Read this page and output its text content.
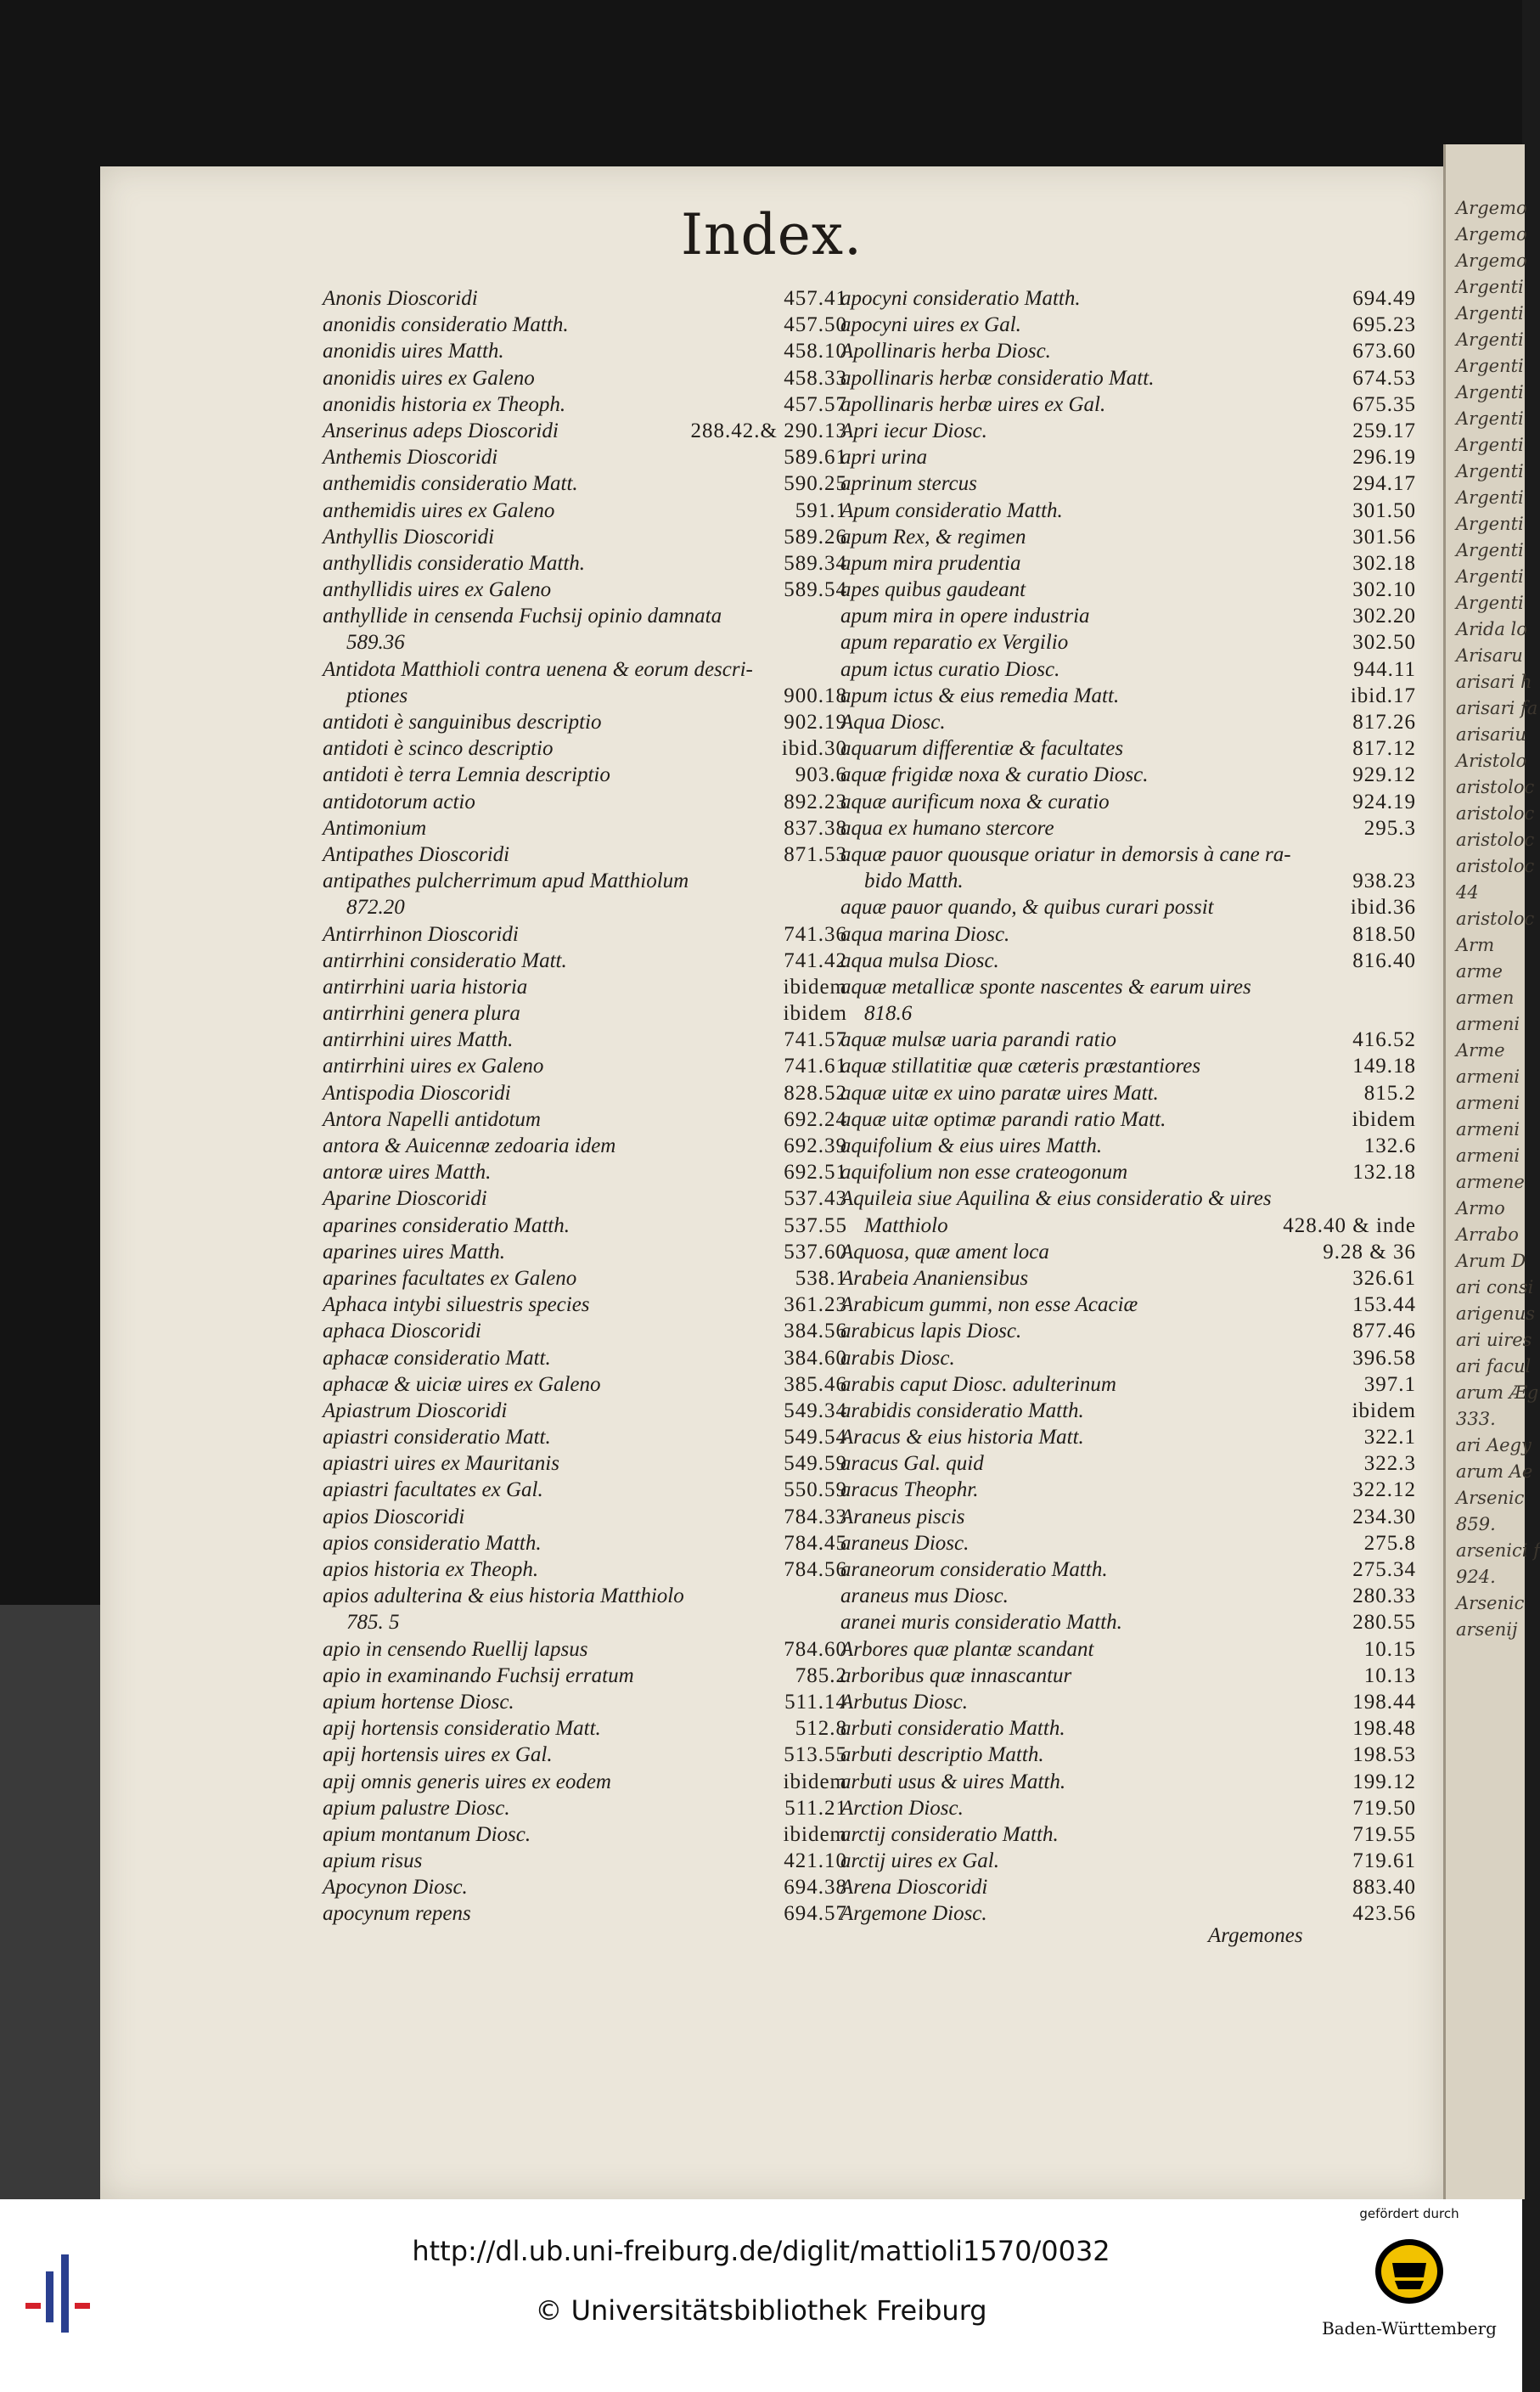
Index.
Anonis Dioscoridi	457.41
anonidis consideratio Matth.	457.50
anonidis uires Matth.	458.10
anonidis uires ex Galeno	458.33
anonidis historia ex Theoph.	457.57
Anserinus adeps Dioscoridi	288.42.& 290.13
Anthemis Dioscoridi	589.61
anthemidis consideratio Matt.	590.25
anthemidis uires ex Galeno	591.1
Anthyllis Dioscoridi	589.26
anthyllidis consideratio Matth.	589.34
anthyllidis uires ex Galeno	589.54
anthyllide in censenda Fuchsij opinio damnata
589.36
Antidota Matthioli contra uenena & eorum descri-
ptiones	900.18
antidoti è sanguinibus descriptio	902.19
antidoti è scinco descriptio	ibid.30
antidoti è terra Lemnia descriptio	903.6
antidotorum actio	892.23
Antimonium	837.38
Antipathes Dioscoridi	871.53
antipathes pulcherrimum apud Matthiolum
872.20
Antirrhinon Dioscoridi	741.36
antirrhini consideratio Matt.	741.42
antirrhini uaria historia	ibidem
antirrhini genera plura	ibidem
antirrhini uires Matth.	741.57
antirrhini uires ex Galeno	741.61
Antispodia Dioscoridi	828.52
Antora Napelli antidotum	692.24
antora & Auicennæ zedoaria idem	692.39
antoræ uires Matth.	692.51
Aparine Dioscoridi	537.43
aparines consideratio Matth.	537.55
aparines uires Matth.	537.60
aparines facultates ex Galeno	538.1
Aphaca intybi siluestris species	361.23
aphaca Dioscoridi	384.56
aphacæ consideratio Matt.	384.60
aphacæ & uiciæ uires ex Galeno	385.46
Apiastrum Dioscoridi	549.34
apiastri consideratio Matt.	549.54
apiastri uires ex Mauritanis	549.59
apiastri facultates ex Gal.	550.59
apios Dioscoridi	784.33
apios consideratio Matth.	784.45
apios historia ex Theoph.	784.56
apios adulterina & eius historia Matthiolo
785. 5
apio in censendo Ruellij lapsus	784.60
apio in examinando Fuchsij erratum	785.2
apium hortense Diosc.	511.14
apij hortensis consideratio Matt.	512.8
apij hortensis uires ex Gal.	513.55
apij omnis generis uires ex eodem	ibidem
apium palustre Diosc.	511.21
apium montanum Diosc.	ibidem
apium risus	421.10
Apocynon Diosc.	694.38
apocynum repens	694.57
apocyni consideratio Matth.	694.49
apocyni uires ex Gal.	695.23
Apollinaris herba Diosc.	673.60
apollinaris herbæ consideratio Matt.	674.53
apollinaris herbæ uires ex Gal.	675.35
Apri iecur Diosc.	259.17
apri urina	296.19
aprinum stercus	294.17
Apum consideratio Matth.	301.50
apum Rex, & regimen	301.56
apum mira prudentia	302.18
apes quibus gaudeant	302.10
apum mira in opere industria	302.20
apum reparatio ex Vergilio	302.50
apum ictus curatio Diosc.	944.11
apum ictus & eius remedia Matt.	ibid.17
Aqua Diosc.	817.26
aquarum differentiæ & facultates	817.12
aquæ frigidæ noxa & curatio Diosc.	929.12
aquæ aurificum noxa & curatio	924.19
aqua ex humano stercore	295.3
aquæ pauor quousque oriatur in demorsis à cane ra-
bido Matth.	938.23
aquæ pauor quando, & quibus curari possit	ibid.36
aqua marina Diosc.	818.50
aqua mulsa Diosc.	816.40
aquæ metallicæ sponte nascentes & earum uires
818.6
aquæ mulsæ uaria parandi ratio	416.52
aquæ stillatitiæ quæ cæteris præstantiores	149.18
aquæ uitæ ex uino paratæ uires Matt.	815.2
aquæ uitæ optimæ parandi ratio Matt.	ibidem
aquifolium & eius uires Matth.	132.6
aquifolium non esse crateogonum	132.18
Aquileia siue Aquilina & eius consideratio & uires
Matthiolo	428.40 & inde
Aquosa, quæ ament loca	9.28 & 36
Arabeia Ananiensibus	326.61
Arabicum gummi, non esse Acaciæ	153.44
arabicus lapis Diosc.	877.46
arabis Diosc.	396.58
arabis caput Diosc. adulterinum	397.1
arabidis consideratio Matth.	ibidem
Aracus & eius historia Matt.	322.1
aracus Gal. quid	322.3
aracus Theophr.	322.12
Araneus piscis	234.30
araneus Diosc.	275.8
araneorum consideratio Matth.	275.34
araneus mus Diosc.	280.33
aranei muris consideratio Matth.	280.55
Arbores quæ plantæ scandant	10.15
arboribus quæ innascantur	10.13
Arbutus Diosc.	198.44
arbuti consideratio Matth.	198.48
arbuti descriptio Matth.	198.53
arbuti usus & uires Matth.	199.12
Arction Diosc.	719.50
arctij consideratio Matth.	719.55
arctij uires ex Gal.	719.61
Arena Dioscoridi	883.40
Argemone Diosc.	423.56
Argemones
Argemo
Argemo
Argemo
Argenti
Argenti
Argenti
Argenti
Argenti
Argenti
Argenti
Argenti
Argenti
Argenti
Argenti
Argenti
Argenti
Arida lo
Arisaru
arisari h
arisari fa
arisariu
Aristolo
aristoloc
aristoloc
aristoloc
aristoloc
44
aristoloc
Arm
arme
armen
armeni
Arme
armeni
armeni
armeni
armeni
armene
Armo
Arrabo
Arum D
ari consi
arigenus
ari uires
ari facul
arum Æg
333.
ari Aegy
arum Ae
Arsenic
859.
arsenici f
924.
Arsenic
arsenij
http://dl.ub.uni-freiburg.de/diglit/mattioli1570/0032
© Universitätsbibliothek Freiburg
gefördert durch
Baden-Württemberg
